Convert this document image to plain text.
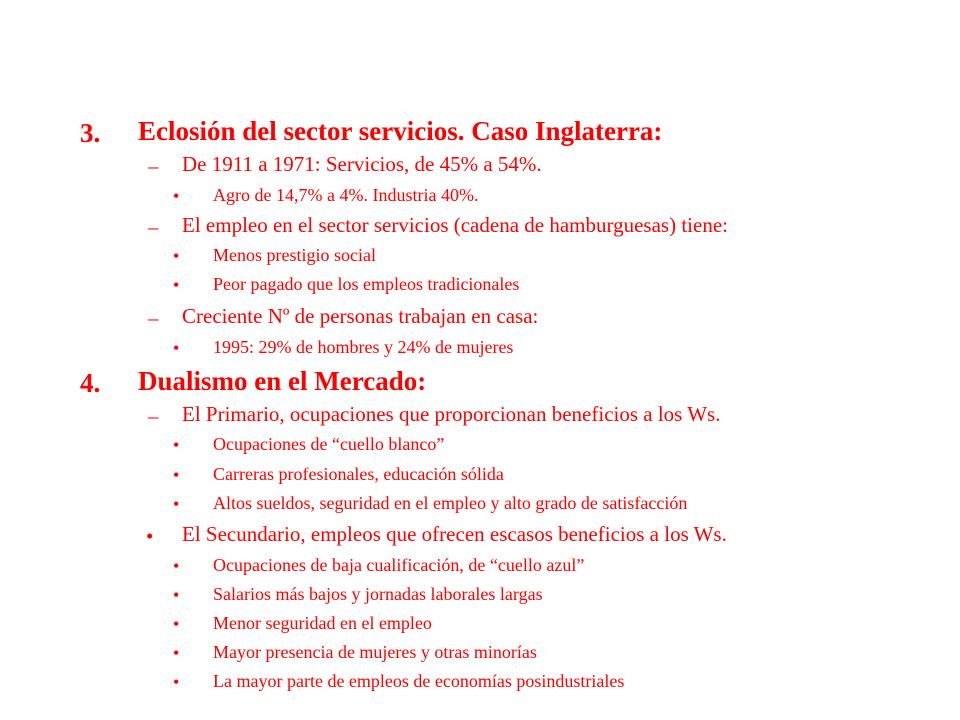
3. Eclosión del sector servicios. Caso Inglaterra:
– De 1911 a 1971: Servicios, de 45% a 54%.
• Agro de 14,7% a 4%. Industria 40%.
– El empleo en el sector servicios (cadena de hamburguesas) tiene:
• Menos prestigio social
• Peor pagado que los empleos tradicionales
– Creciente Nº de personas trabajan en casa:
• 1995: 29% de hombres y 24% de mujeres
4. Dualismo en el Mercado:
– El Primario, ocupaciones que proporcionan beneficios a los Ws.
• Ocupaciones de “cuello blanco”
• Carreras profesionales, educación sólida
• Altos sueldos, seguridad en el empleo y alto grado de satisfacción
• El Secundario, empleos que ofrecen escasos beneficios a los Ws.
• Ocupaciones de baja cualificación, de “cuello azul”
• Salarios más bajos y jornadas laborales largas
• Menor seguridad en el empleo
• Mayor presencia de mujeres y otras minorías
• La mayor parte de empleos de economías posindustriales
